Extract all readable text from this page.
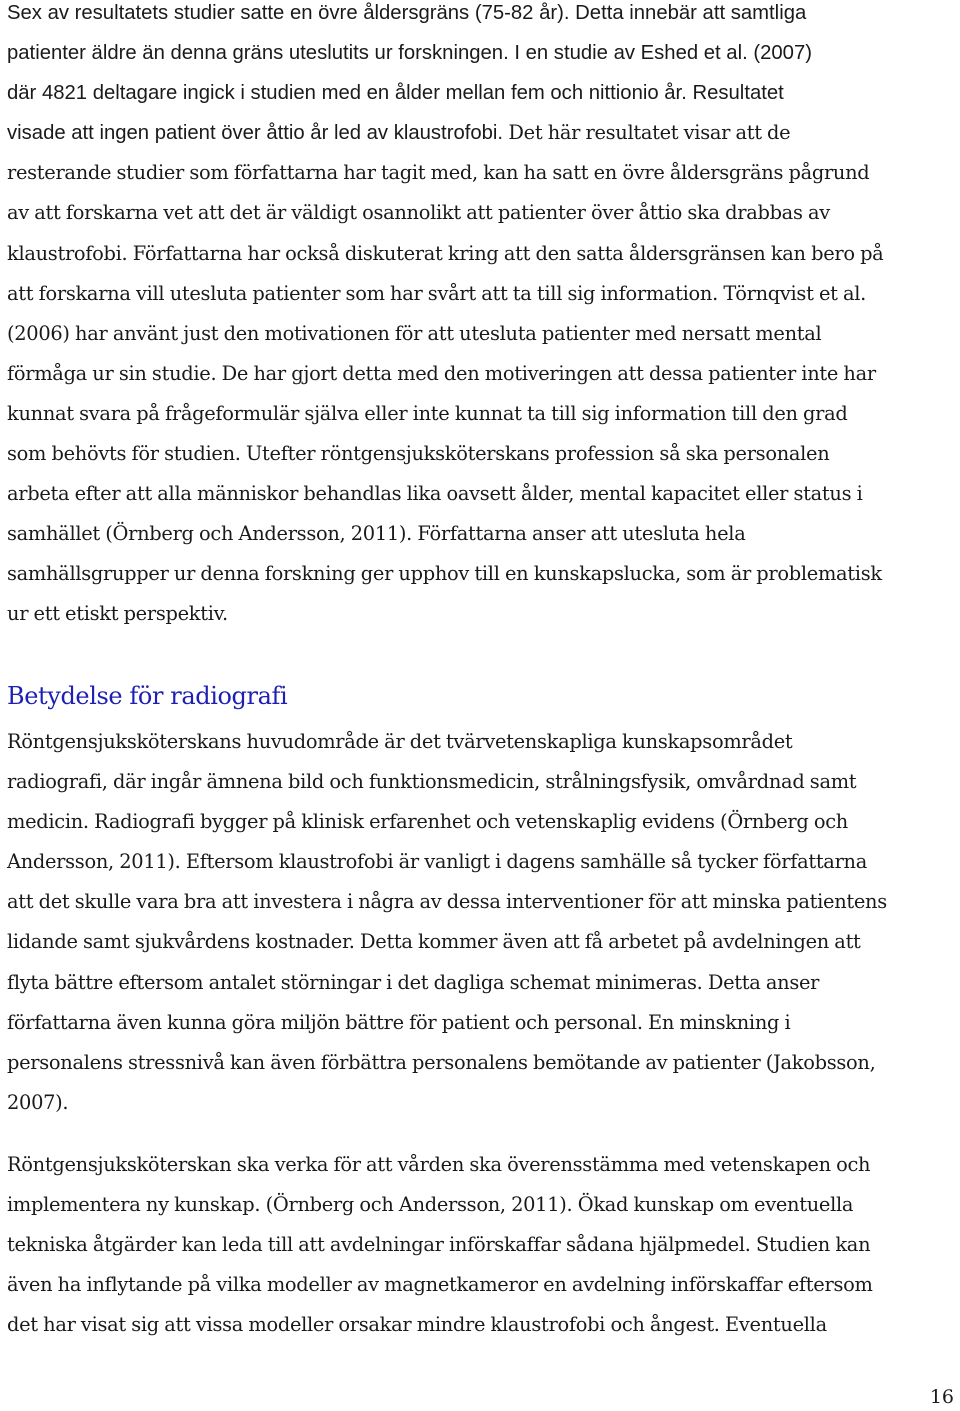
Sex av resultatets studier satte en övre åldersgräns (75-82 år). Detta innebär att samtliga
patienter äldre än denna gräns uteslutits ur forskningen. I en studie av Eshed et al. (2007)
där 4821 deltagare ingick i studien med en ålder mellan fem och nittionio år. Resultatet
visade att ingen patient över åttio år led av klaustrofobi. Det här resultatet visar att de
resterande studier som författarna har tagit med, kan ha satt en övre åldersgräns pågrund
av att forskarna vet att det är väldigt osannolikt att patienter över åttio ska drabbas av
klaustrofobi. Författarna har också diskuterat kring att den satta åldersgränsen kan bero på
att forskarna vill utesluta patienter som har svårt att ta till sig information. Törnqvist et al.
(2006) har använt just den motivationen för att utesluta patienter med nersatt mental
förmåga ur sin studie. De har gjort detta med den motiveringen att dessa patienter inte har
kunnat svara på frågeformulär själva eller inte kunnat ta till sig information till den grad
som behövts för studien. Utefter röntgensjuksköterskans profession så ska personalen
arbeta efter att alla människor behandlas lika oavsett ålder, mental kapacitet eller status i
samhället (Örnberg och Andersson, 2011). Författarna anser att utesluta hela
samhällsgrupper ur denna forskning ger upphov till en kunskapslucka, som är problematisk
ur ett etiskt perspektiv.
Betydelse för radiografi
Röntgensjuksköterskans huvudområde är det tvärvetenskapliga kunskapsområdet
radiografi, där ingår ämnena bild och funktionsmedicin, strålningsfysik, omvårdnad samt
medicin. Radiografi bygger på klinisk erfarenhet och vetenskaplig evidens (Örnberg och
Andersson, 2011). Eftersom klaustrofobi är vanligt i dagens samhälle så tycker författarna
att det skulle vara bra att investera i några av dessa interventioner för att minska patientens
lidande samt sjukvårdens kostnader. Detta kommer även att få arbetet på avdelningen att
flyta bättre eftersom antalet störningar i det dagliga schemat minimeras. Detta anser
författarna även kunna göra miljön bättre för patient och personal. En minskning i
personalens stressnivå kan även förbättra personalens bemötande av patienter (Jakobsson,
2007).
Röntgensjuksköterskan ska verka för att vården ska överensstämma med vetenskapen och
implementera ny kunskap. (Örnberg och Andersson, 2011). Ökad kunskap om eventuella
tekniska åtgärder kan leda till att avdelningar införskaffar sådana hjälpmedel. Studien kan
även ha inflytande på vilka modeller av magnetkameror en avdelning införskaffar eftersom
det har visat sig att vissa modeller orsakar mindre klaustrofobi och ångest. Eventuella
16
